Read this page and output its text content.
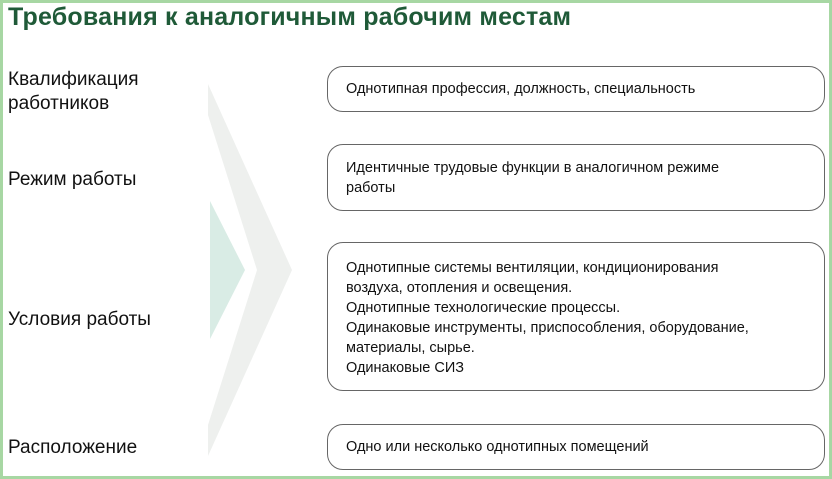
Требования к аналогичным рабочим местам
Квалификация
работников
Однотипная профессия, должность, специальность
Режим работы
Идентичные трудовые функции в аналогичном режиме
работы
Условия работы
Однотипные системы вентиляции, кондиционирования
воздуха, отопления и освещения.
Однотипные технологические процессы.
Одинаковые инструменты, приспособления, оборудование,
материалы, сырье.
Одинаковые СИЗ
Расположение	Одно или несколько однотипных помещений
